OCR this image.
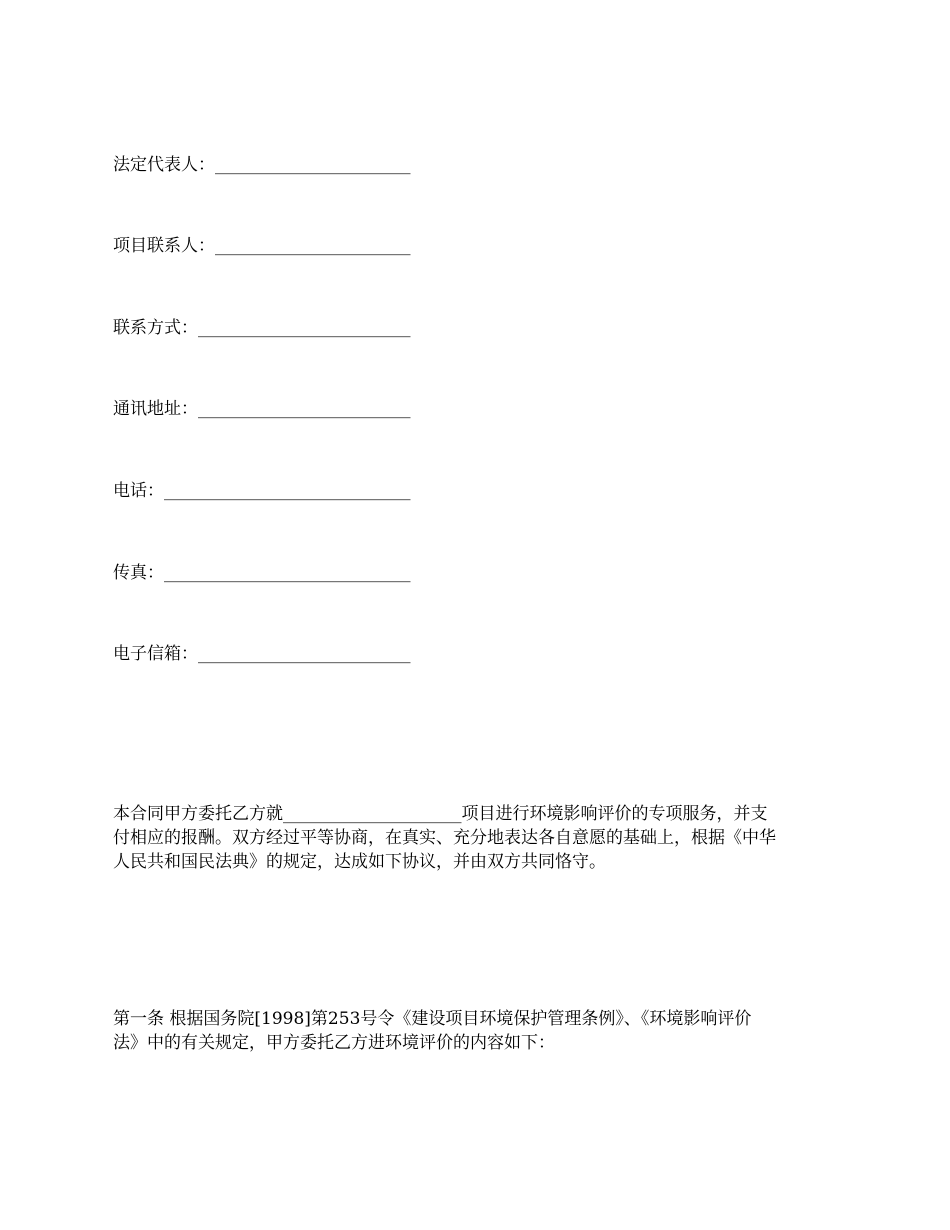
法定代表人：_______________________
项目联系人：_______________________
联系方式：_________________________
通讯地址：_________________________
电话：_____________________________
传真：_____________________________
电子信箱：_________________________

本合同甲方委托乙方就_____________________项目进行环境影响评价的专项服务，并支

付相应的报酬。双方经过平等协商，在真实、充分地表达各自意愿的基础上，根据《中华

人民共和国民法典》的规定，达成如下协议，并由双方共同恪守。

第一条 根据国务院[1998]第253号令《建设项目环境保护管理条例》、《环境影响评价

法》中的有关规定，甲方委托乙方进环境评价的内容如下：
